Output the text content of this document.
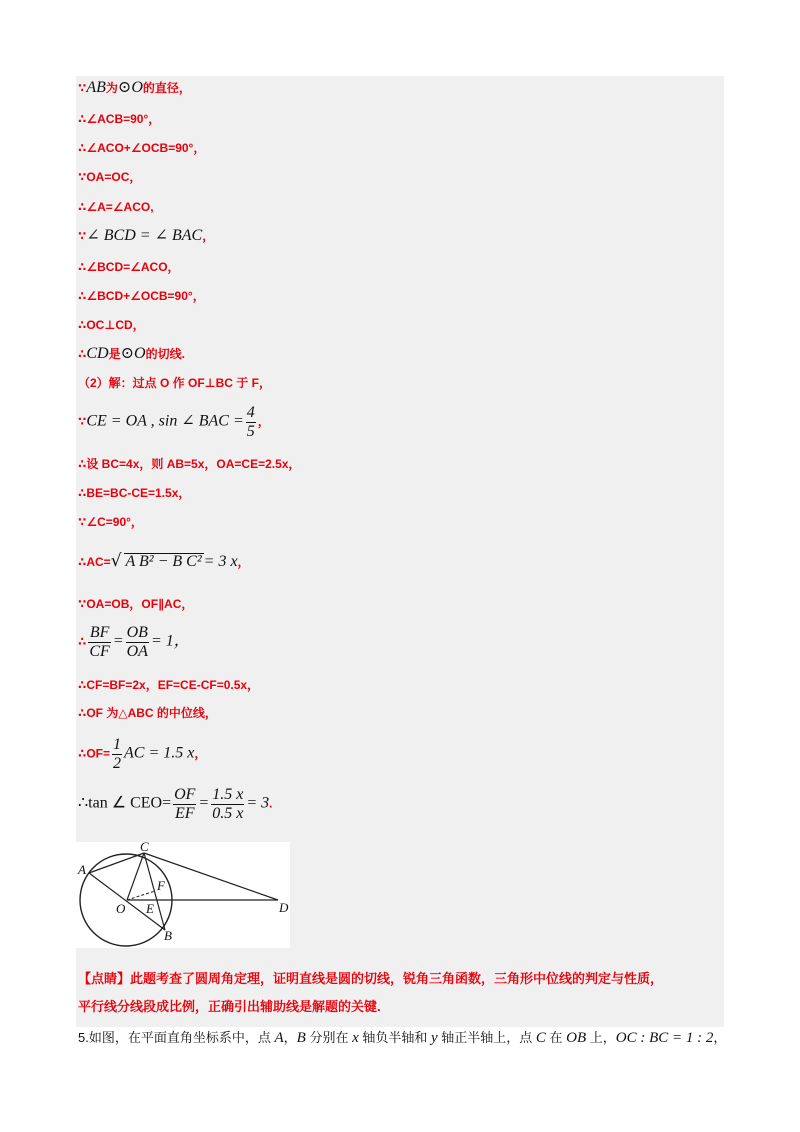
∵AB为⊙O的直径，
∴∠ACB=90°，
∴∠ACO+∠OCB=90°，
∵OA=OC，
∴∠A=∠ACO,
∵∠ BCD = ∠ BAC，
∴∠BCD=∠ACO，
∴∠BCD+∠OCB=90°，
∴OC⊥CD，
∴CD是⊙O的切线.
（2）解：过点 O 作 OF⊥BC 于 F，
∵CE = OA , sin ∠ BAC = $\frac{4}{5}$ ，
∴设 BC=4x，则 AB=5x，OA=CE=2.5x，
∴BE=BC-CE=1.5x，
∵∠C=90°，
∴AC=√ A B² − B C² = 3 x，
∵OA=OB，OF∥AC，
∴ $\frac{BF}{CF} = \frac{OB}{OA} = 1$，
∴CF=BF=2x，EF=CE-CF=0.5x，
∴OF 为△ABC 的中位线，
∴OF= $\frac{1}{2}$ AC = 1.5 x，
∴tan ∠ $CEO= \frac{OF}{EF} = \frac{1.5 x}{0.5 x} = 3$.
A
C
F
O E
B
D
【点睛】此题考查了圆周角定理，证明直线是圆的切线，锐角三角函数，三角形中位线的判定与性质，
平行线分线段成比例，正确引出辅助线是解题的关键.
5.如图，在平面直角坐标系中，点 A，B 分别在 x 轴负半轴和 y 轴正半轴上，点 C 在 OB 上，OC : BC = 1 : 2，
